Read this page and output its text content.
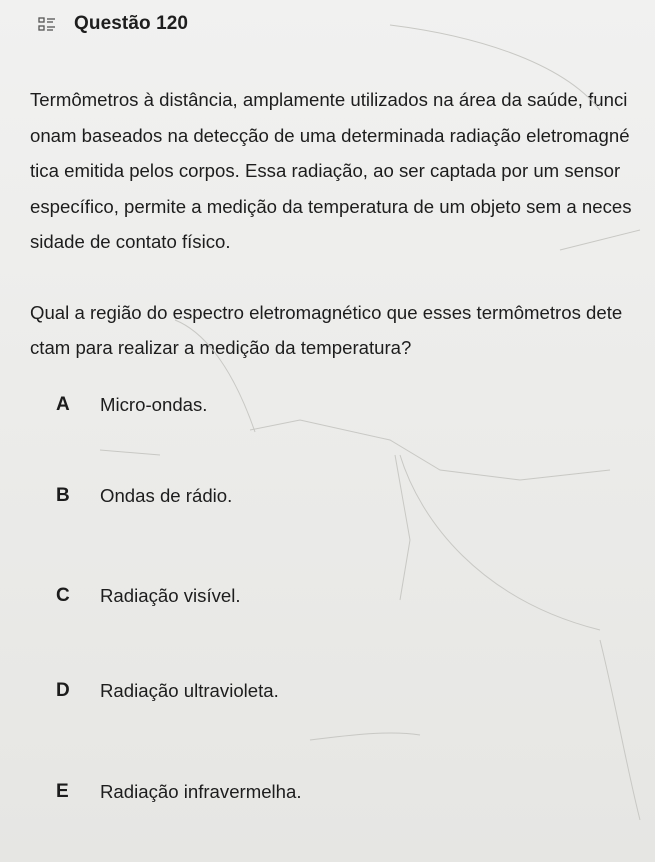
Questão 120

Termômetros à distância, amplamente utilizados na área da saúde, funci
onam baseados na detecção de uma determinada radiação eletromagné
tica emitida pelos corpos. Essa radiação, ao ser captada por um sensor
específico, permite a medição da temperatura de um objeto sem a neces
sidade de contato físico.

Qual a região do espectro eletromagnético que esses termômetros dete
ctam para realizar a medição da temperatura?

A	Micro-ondas.
B	Ondas de rádio.
C	Radiação visível.
D	Radiação ultravioleta.
E	Radiação infravermelha.
